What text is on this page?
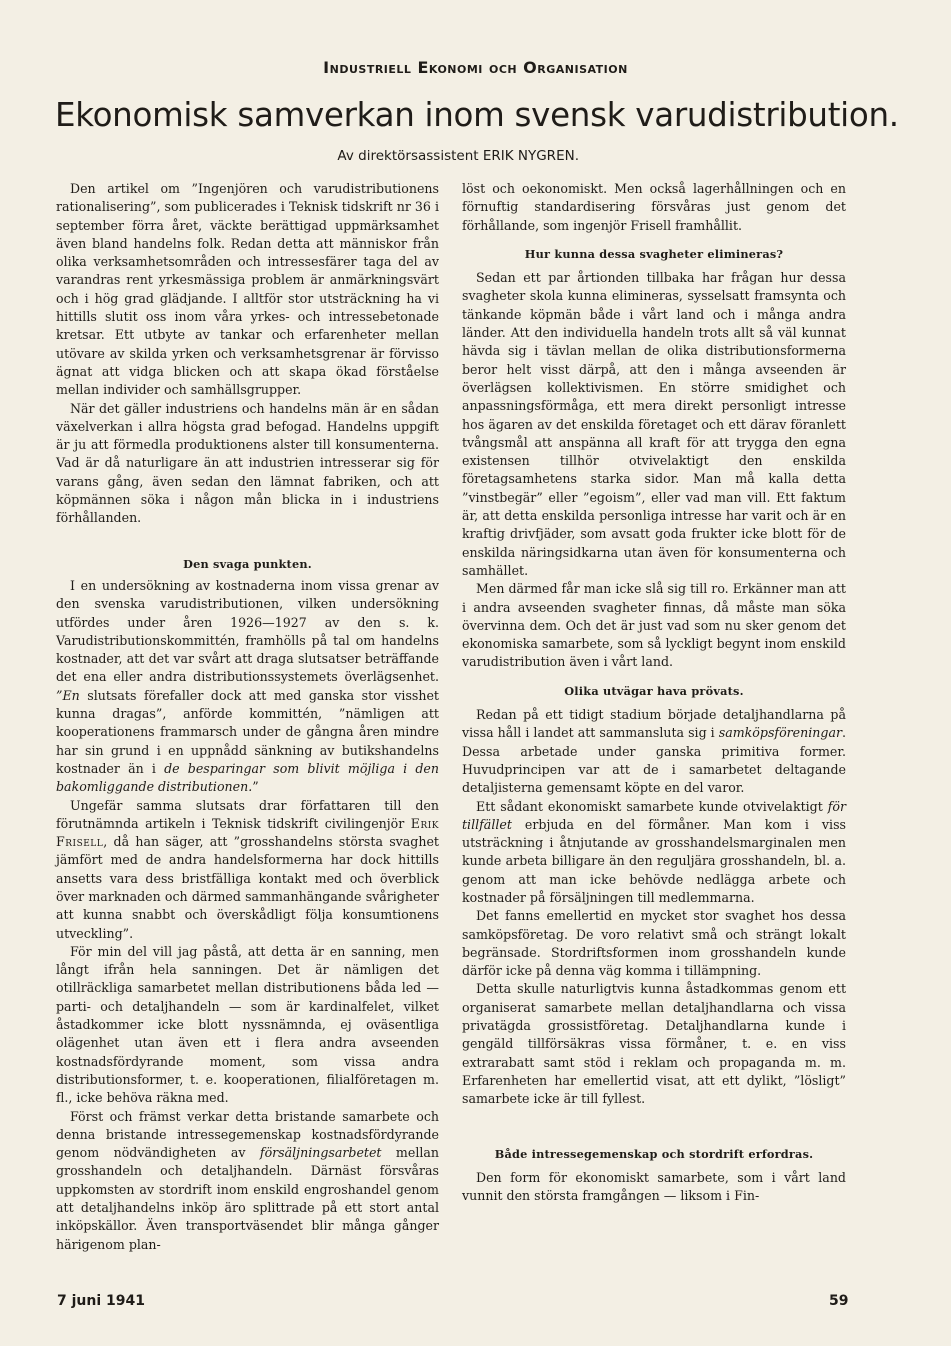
Industriell Ekonomi och Organisation
Ekonomisk samverkan inom svensk varudistribution.
Av direktörsassistent ERIK NYGREN.

Den artikel om ”Ingenjören och varudistributionens rationalisering”, som publicerades i Teknisk tidskrift nr 36 i september förra året, väckte berättigad uppmärksamhet även bland handelns folk. Redan detta att människor från olika verksamhetsområden och intressesfärer taga del av varandras rent yrkesmässiga problem är anmärkningsvärt och i hög grad glädjande. I alltför stor utsträckning ha vi hittills slutit oss inom våra yrkes- och intressebetonade kretsar. Ett utbyte av tankar och erfarenheter mellan utövare av skilda yrken och verksamhetsgrenar är förvisso ägnat att vidga blicken och att skapa ökad förståelse mellan individer och samhällsgrupper.

När det gäller industriens och handelns män är en sådan växelverkan i allra högsta grad befogad. Handelns uppgift är ju att förmedla produktionens alster till konsumenterna. Vad är då naturligare än att industrien intresserar sig för varans gång, även sedan den lämnat fabriken, och att köpmännen söka i någon mån blicka in i industriens förhållanden.

Den svaga punkten.

I en undersökning av kostnaderna inom vissa grenar av den svenska varudistributionen, vilken undersökning utfördes under åren 1926—1927 av den s. k. Varudistributionskommittén, framhölls på tal om handelns kostnader, att det var svårt att draga slutsatser beträffande det ena eller andra distributionssystemets överlägsenhet. ”En slutsats förefaller dock att med ganska stor visshet kunna dragas”, anförde kommittén, ”nämligen att kooperationens frammarsch under de gångna åren mindre har sin grund i en uppnådd sänkning av butikshandelns kostnader än i de besparingar som blivit möjliga i den bakomliggande distributionen.”

Ungefär samma slutsats drar författaren till den förutnämnda artikeln i Teknisk tidskrift civilingenjör Erik Frisell, då han säger, att ”grosshandelns största svaghet jämfört med de andra handelsformerna har dock hittills ansetts vara dess bristfälliga kontakt med och överblick över marknaden och därmed sammanhängande svårigheter att kunna snabbt och överskådligt följa konsumtionens utveckling”.

För min del vill jag påstå, att detta är en sanning, men långt ifrån hela sanningen. Det är nämligen det otillräckliga samarbetet mellan distributionens båda led — parti- och detaljhandeln — som är kardinalfelet, vilket åstadkommer icke blott nyssnämnda, ej oväsentliga olägenhet utan även ett i flera andra avseenden kostnadsfördyrande moment, som vissa andra distributionsformer, t. e. kooperationen, filialföretagen m. fl., icke behöva räkna med.

Först och främst verkar detta bristande samarbete och denna bristande intressegemenskap kostnadsfördyrande genom nödvändigheten av försäljningsarbetet mellan grosshandeln och detaljhandeln. Därnäst försvåras uppkomsten av stordrift inom enskild engroshandel genom att detaljhandelns inköp äro splittrade på ett stort antal inköpskällor. Även transportväsendet blir många gånger härigenom plan-

löst och oekonomiskt. Men också lagerhållningen och en förnuftig standardisering försvåras just genom det förhållande, som ingenjör Frisell framhållit.

Hur kunna dessa svagheter elimineras?

Sedan ett par årtionden tillbaka har frågan hur dessa svagheter skola kunna elimineras, sysselsatt framsynta och tänkande köpmän både i vårt land och i många andra länder. Att den individuella handeln trots allt så väl kunnat hävda sig i tävlan mellan de olika distributionsformerna beror helt visst därpå, att den i många avseenden är överlägsen kollektivismen. En större smidighet och anpassningsförmåga, ett mera direkt personligt intresse hos ägaren av det enskilda företaget och ett därav föranlett tvångsmål att anspänna all kraft för att trygga den egna existensen tillhör otvivelaktigt den enskilda företagsamhetens starka sidor. Man må kalla detta ”vinstbegär” eller ”egoism”, eller vad man vill. Ett faktum är, att detta enskilda personliga intresse har varit och är en kraftig drivfjäder, som avsatt goda frukter icke blott för de enskilda näringsidkarna utan även för konsumenterna och samhället.

Men därmed får man icke slå sig till ro. Erkänner man att i andra avseenden svagheter finnas, då måste man söka övervinna dem. Och det är just vad som nu sker genom det ekonomiska samarbete, som så lyckligt begynt inom enskild varudistribution även i vårt land.

Olika utvägar hava prövats.

Redan på ett tidigt stadium började detaljhandlarna på vissa håll i landet att sammansluta sig i samköpsföreningar. Dessa arbetade under ganska primitiva former. Huvudprincipen var att de i samarbetet deltagande detaljisterna gemensamt köpte en del varor.

Ett sådant ekonomiskt samarbete kunde otvivelaktigt för tillfället erbjuda en del förmåner. Man kom i viss utsträckning i åtnjutande av grosshandelsmarginalen men kunde arbeta billigare än den reguljära grosshandeln, bl. a. genom att man icke behövde nedlägga arbete och kostnader på försäljningen till medlemmarna.

Det fanns emellertid en mycket stor svaghet hos dessa samköpsföretag. De voro relativt små och strängt lokalt begränsade. Stordriftsformen inom grosshandeln kunde därför icke på denna väg komma i tillämpning.

Detta skulle naturligtvis kunna åstadkommas genom ett organiserat samarbete mellan detaljhandlarna och vissa privatägda grossistföretag. Detaljhandlarna kunde i gengäld tillförsäkras vissa förmåner, t. e. en viss extrarabatt samt stöd i reklam och propaganda m. m. Erfarenheten har emellertid visat, att ett dylikt, ”lösligt” samarbete icke är till fyllest.

Både intressegemenskap och stordrift erfordras.

Den form för ekonomiskt samarbete, som i vårt land vunnit den största framgången — liksom i Fin-

7 juni 1941	59
